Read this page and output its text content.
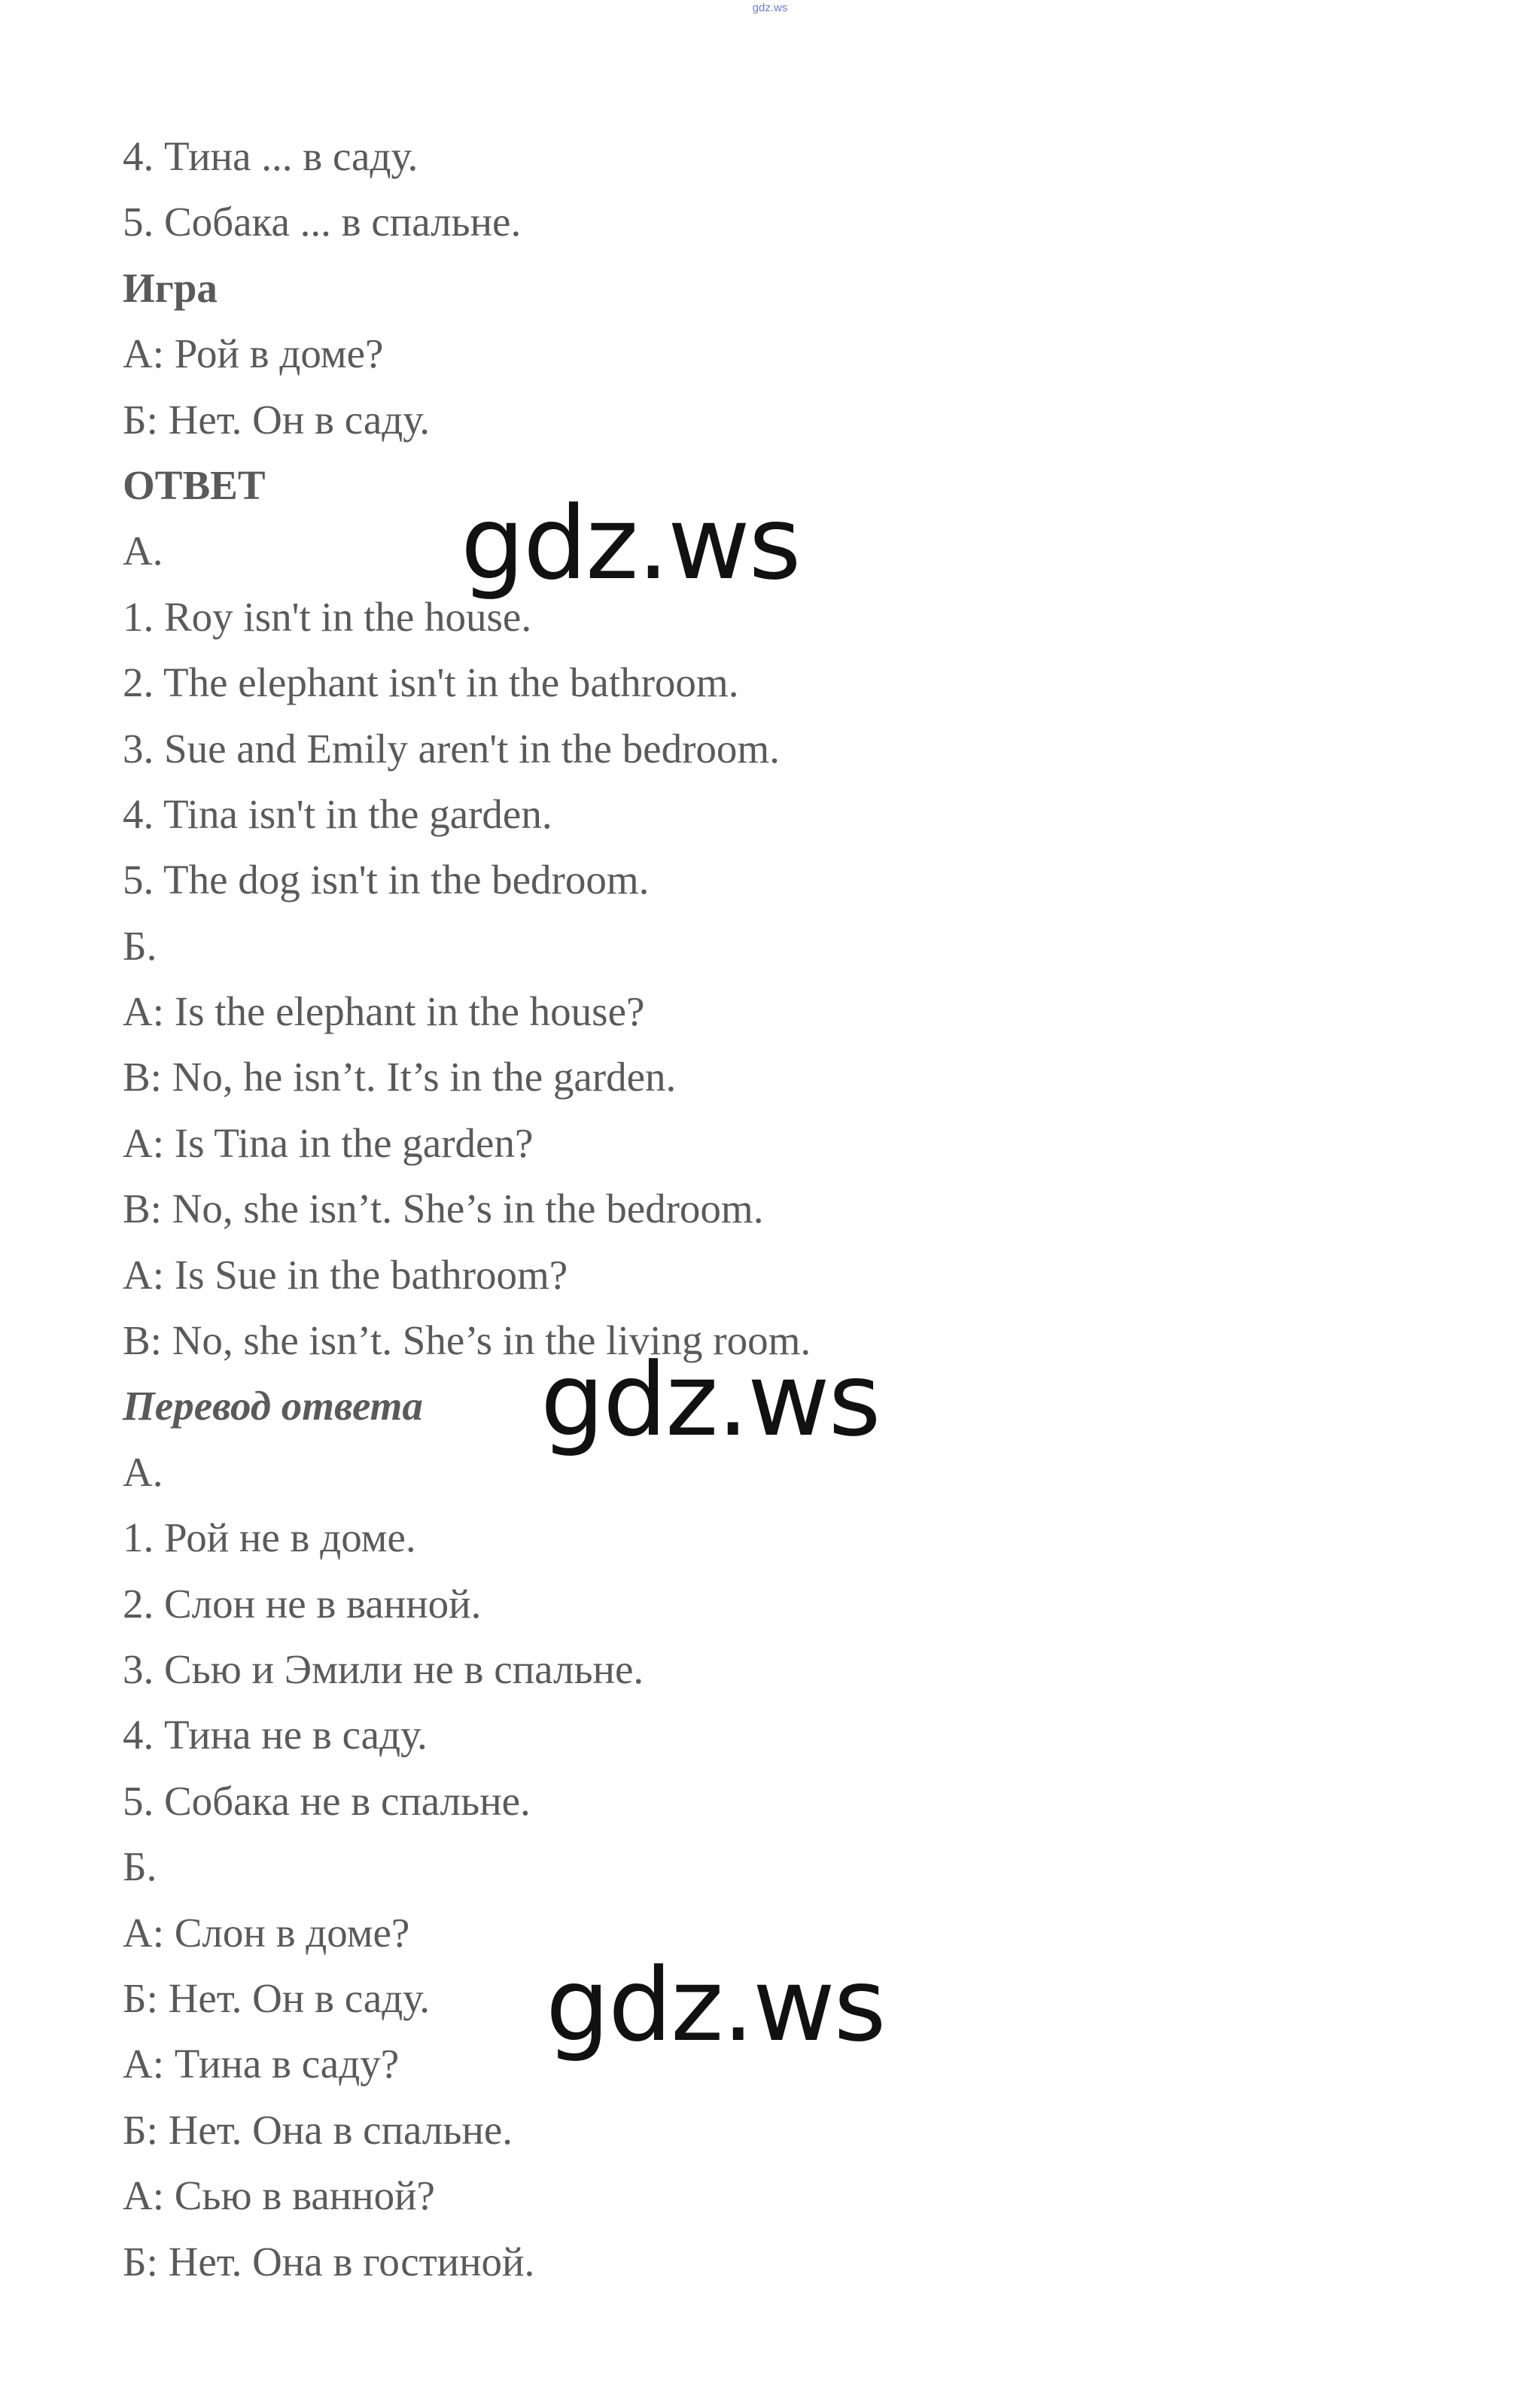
gdz.ws
4. Тина ... в саду.
5. Собака ... в спальне.
Игра
А: Рой в доме?
Б: Нет. Он в саду.
ОТВЕТ
А.
1. Roy isn't in the house.
2. The elephant isn't in the bathroom.
3. Sue and Emily aren't in the bedroom.
4. Tina isn't in the garden.
5. The dog isn't in the bedroom.
Б.
A: Is the elephant in the house?
B: No, he isn’t. It’s in the garden.
A: Is Tina in the garden?
B: No, she isn’t. She’s in the bedroom.
A: Is Sue in the bathroom?
B: No, she isn’t. She’s in the living room.
Перевод ответа
А.
1. Рой не в доме.
2. Слон не в ванной.
3. Сью и Эмили не в спальне.
4. Тина не в саду.
5. Собака не в спальне.
Б.
А: Слон в доме?
Б: Нет. Он в саду.
А: Тина в саду?
Б: Нет. Она в спальне.
А: Сью в ванной?
Б: Нет. Она в гостиной.
gdz.ws
gdz.ws
gdz.ws
